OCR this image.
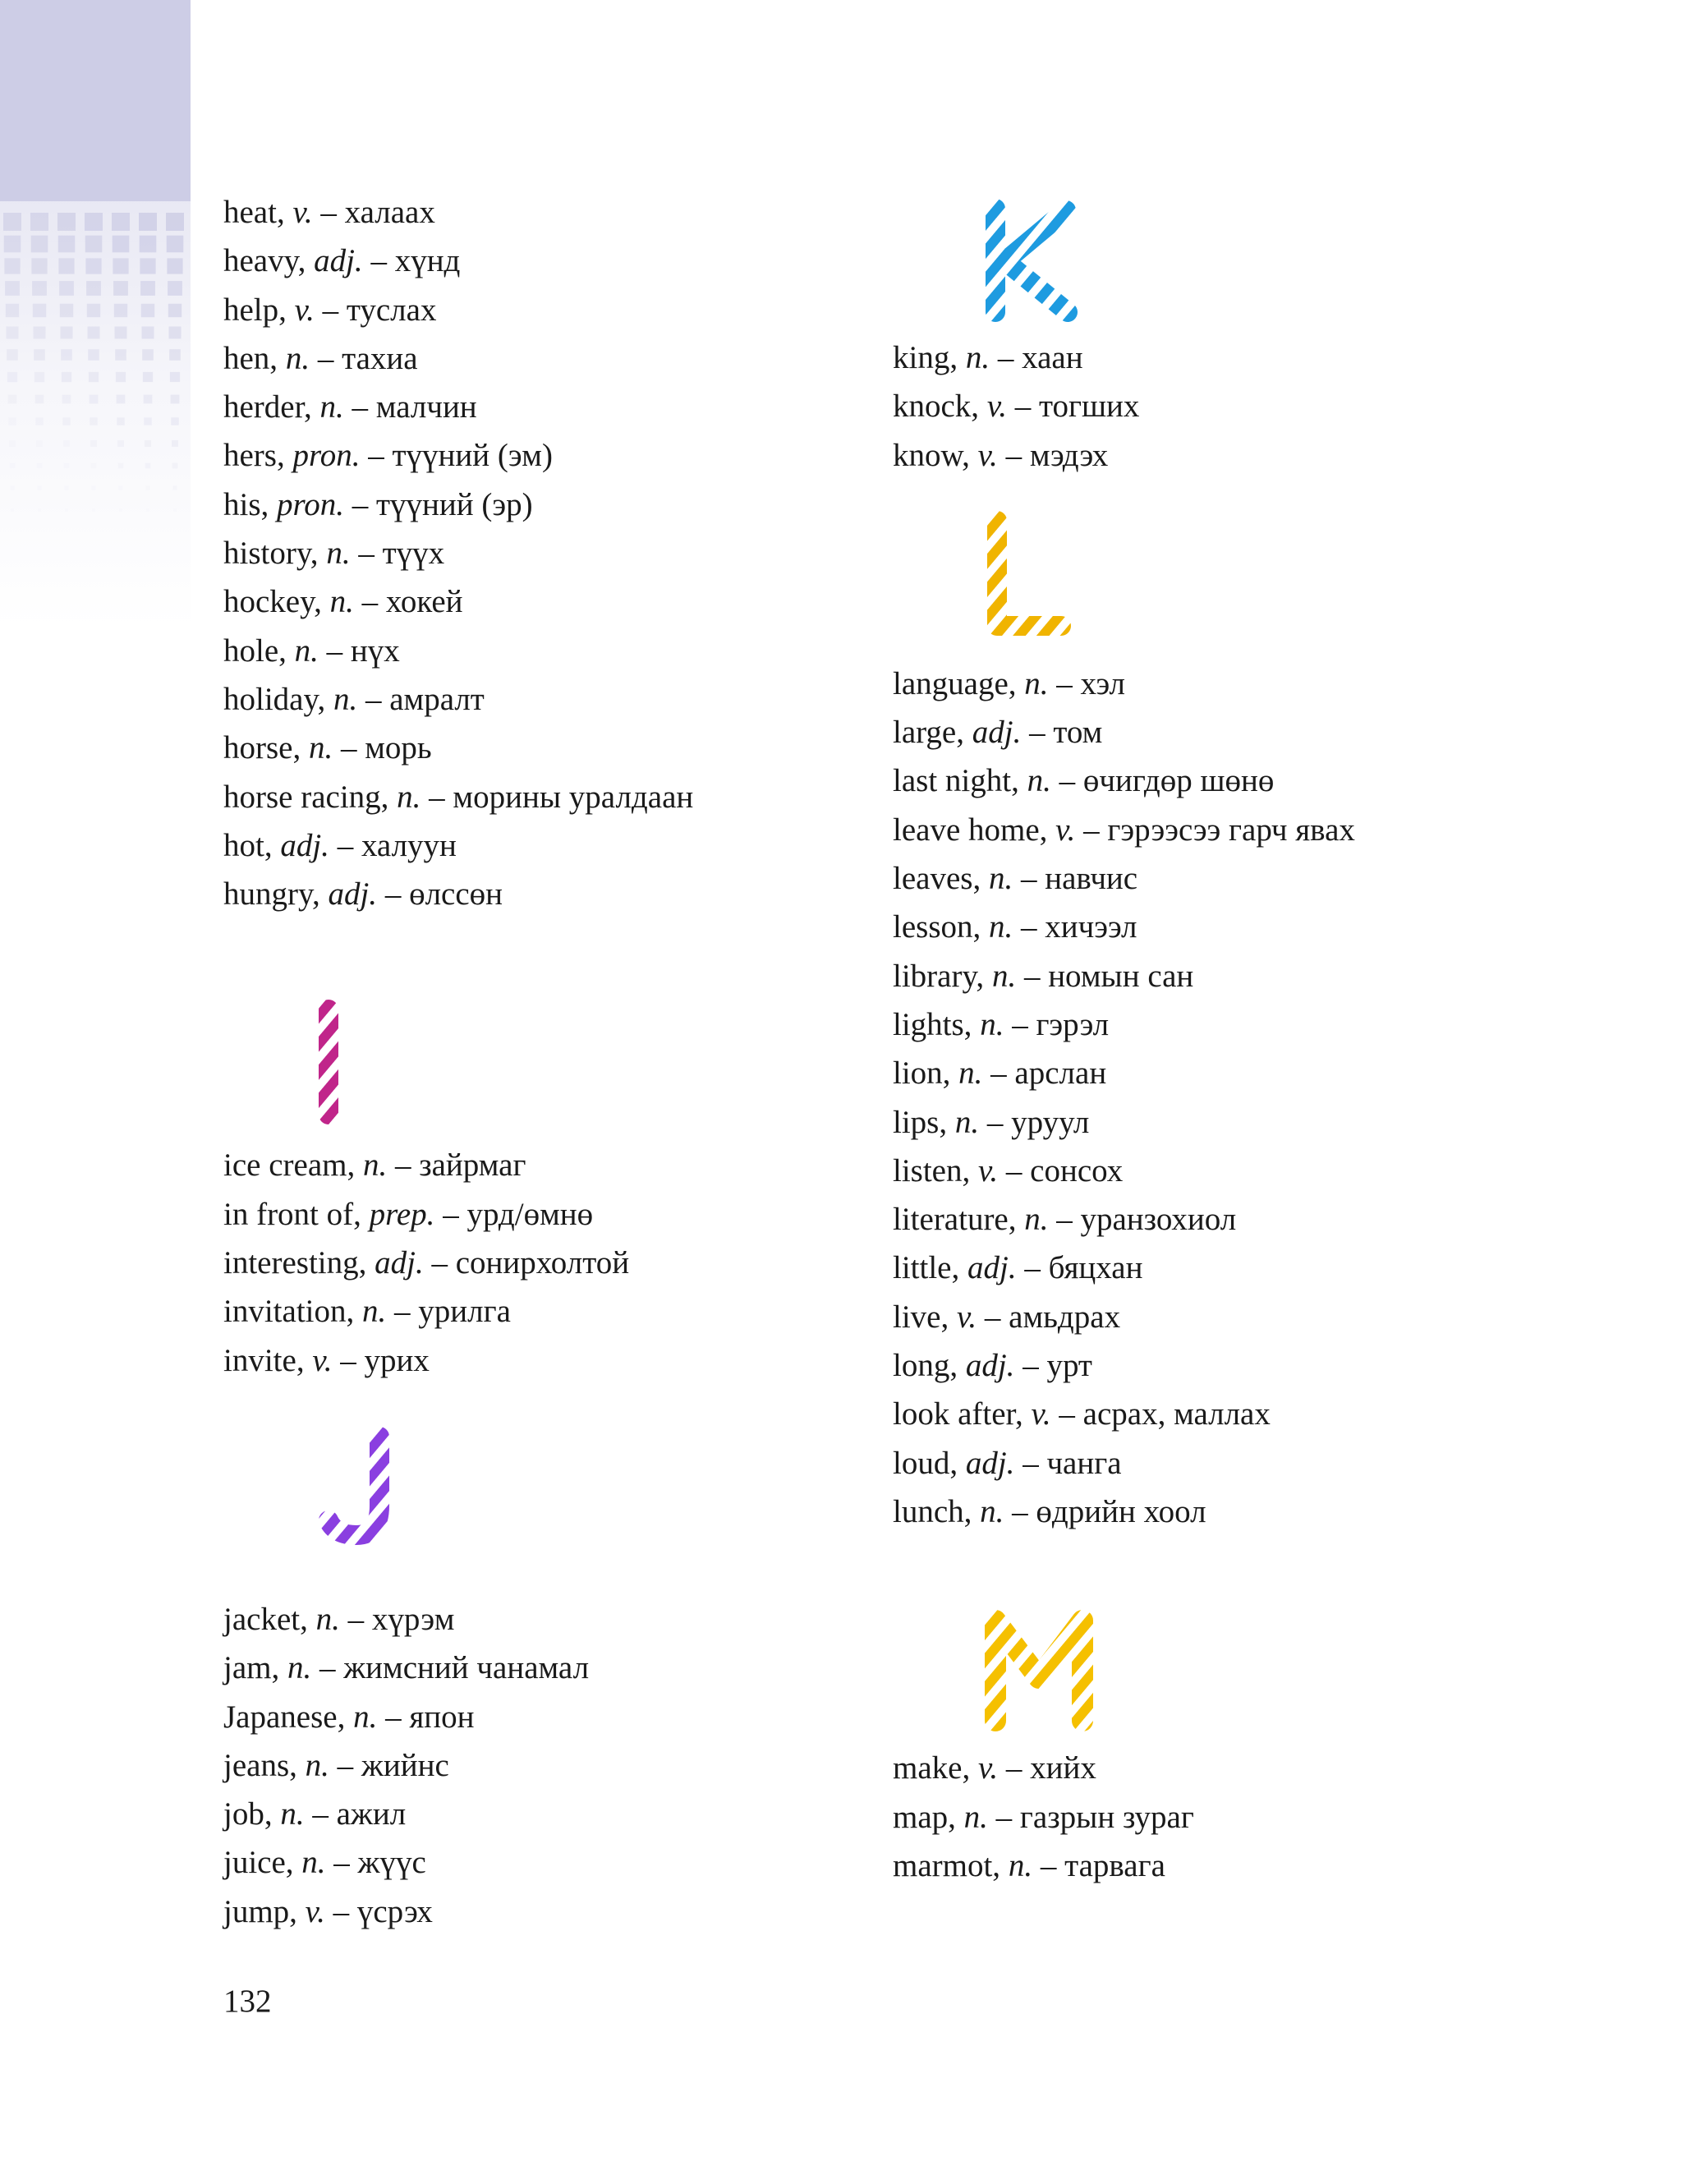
heat, v. – халаах
heavy, adj. – хүнд
help, v. – туслах
hen, n. – тахиа
herder, n. – малчин
hers, pron. – түүний (эм)
his, pron. – түүний (эр)
history, n. – түүх
hockey, n. – хокей
hole, n. – нүх
holiday, n. – амралт
horse, n. – морь
horse racing, n. – морины уралдаан
hot, adj. – халуун
hungry, adj. – өлссөн
ice cream, n. – зайрмаг
in front of, prep. – урд/өмнө
interesting, adj. – сонирхолтой
invitation, n. – урилга
invite, v. – урих
jacket, n. – хүрэм
jam, n. – жимсний чанамал
Japanese, n. – япон
jeans, n. – жийнс
job, n. – ажил
juice, n. – жүүс
jump, v. – үсрэх
king, n. – хаан
knock, v. – тогших
know, v. – мэдэх
language, n. – хэл
large, adj. – том
last night, n. – өчигдөр шөнө
leave home, v. – гэрээсээ гарч явах
leaves, n. – навчис
lesson, n. – хичээл
library, n. – номын сан
lights, n. – гэрэл
lion, n. – арслан
lips, n. – уруул
listen, v. – сонсох
literature, n. – уранзохиол
little, adj. – бяцхан
live, v. – амьдрах
long, adj. – урт
look after, v. – асрах, маллах
loud, adj. – чанга
lunch, n. – өдрийн хоол
make, v. – хийх
map, n. – газрын зураг
marmot, n. – тарвага
132
